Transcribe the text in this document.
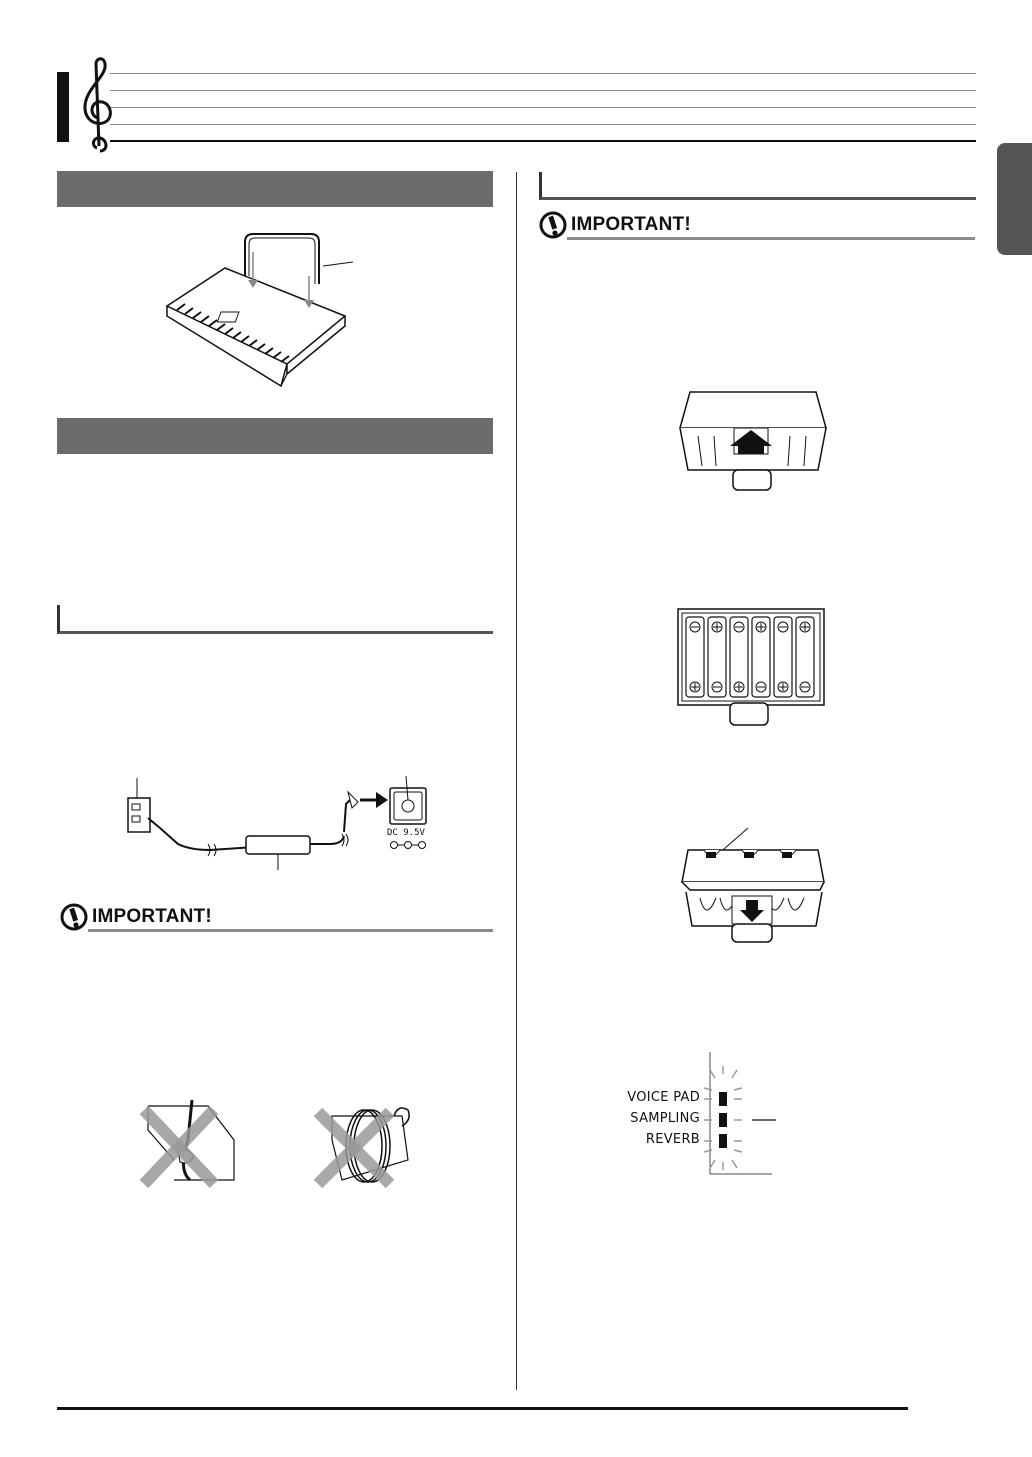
DC 9.5V
IMPORTANT!
IMPORTANT!
VOICE PAD
SAMPLING
REVERB
